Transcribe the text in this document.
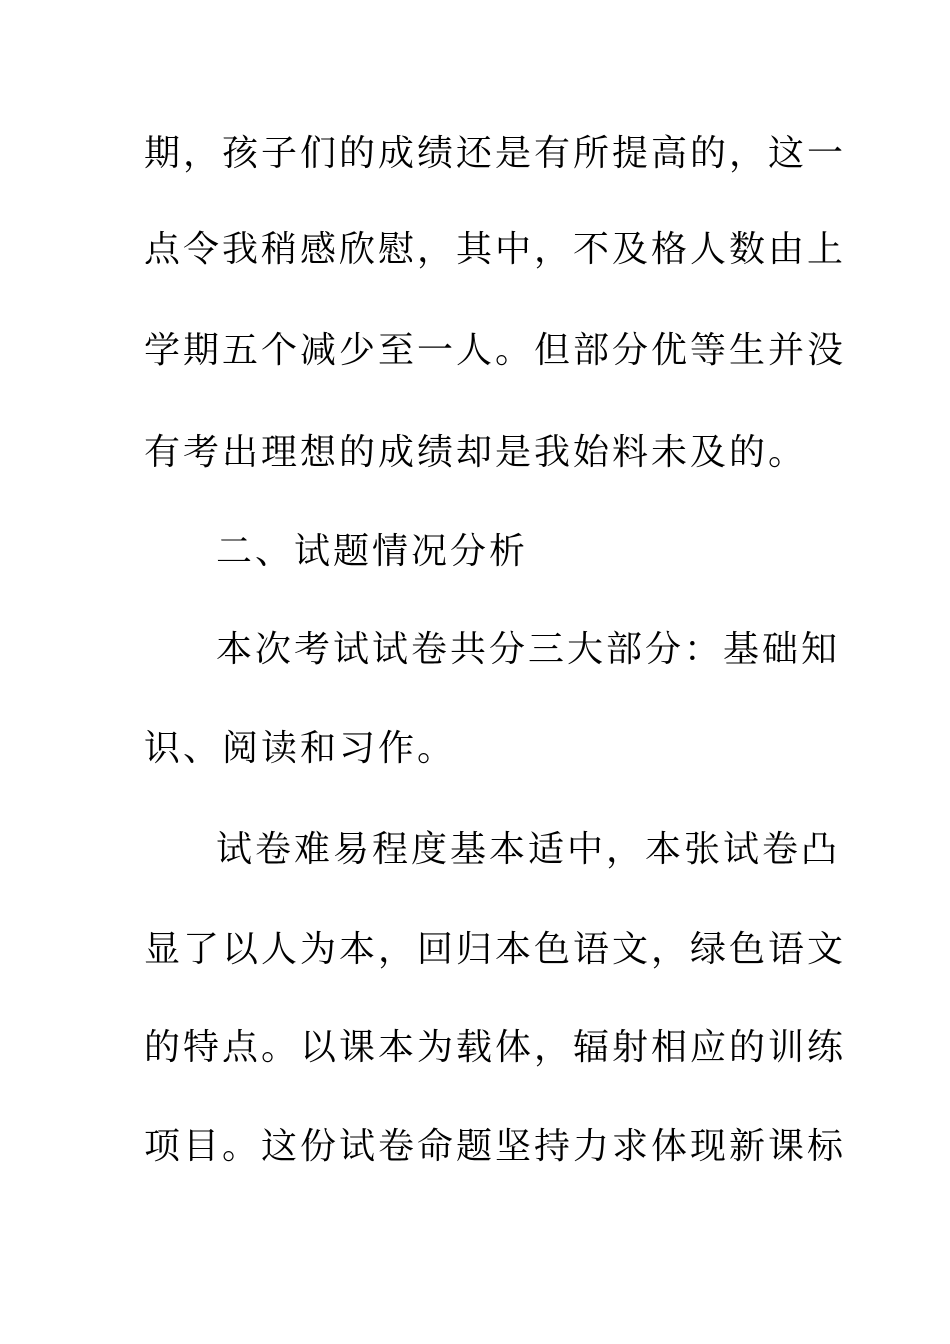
期，孩子们的成绩还是有所提高的，这一
点令我稍感欣慰，其中，不及格人数由上
学期五个减少至一人。但部分优等生并没
有考出理想的成绩却是我始料未及的。
二、试题情况分析
本次考试试卷共分三大部分：基础知
识、阅读和习作。
试卷难易程度基本适中，本张试卷凸
显了以人为本，回归本色语文，绿色语文
的特点。以课本为载体，辐射相应的训练
项目。这份试卷命题坚持力求体现新课标
